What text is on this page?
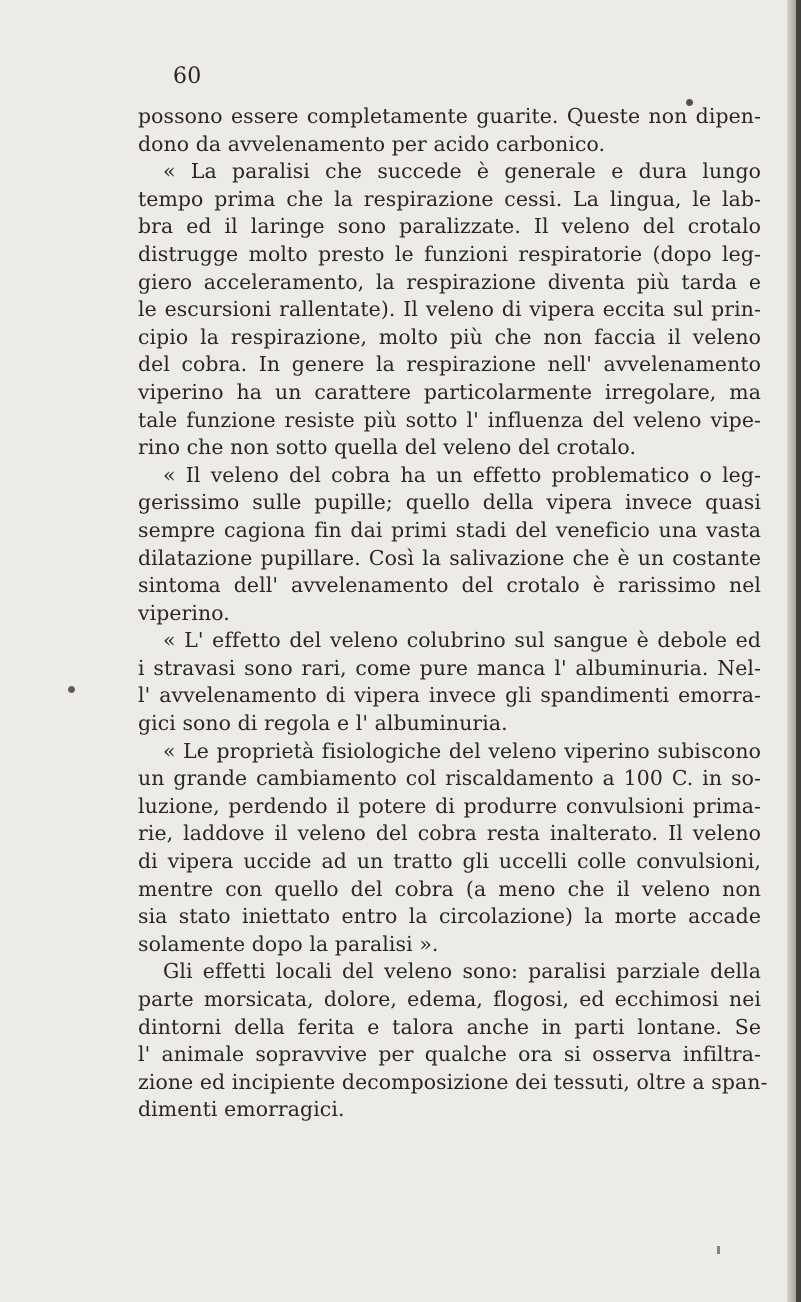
60
possono essere completamente guarite. Queste non dipen-
dono da avvelenamento per acido carbonico.
« La paralisi che succede è generale e dura lungo
tempo prima che la respirazione cessi. La lingua, le lab-
bra ed il laringe sono paralizzate. Il veleno del crotalo
distrugge molto presto le funzioni respiratorie (dopo leg-
giero acceleramento, la respirazione diventa più tarda e
le escursioni rallentate). Il veleno di vipera eccita sul prin-
cipio la respirazione, molto più che non faccia il veleno
del cobra. In genere la respirazione nell' avvelenamento
viperino ha un carattere particolarmente irregolare, ma
tale funzione resiste più sotto l' influenza del veleno vipe-
rino che non sotto quella del veleno del crotalo.
« Il veleno del cobra ha un effetto problematico o leg-
gerissimo sulle pupille; quello della vipera invece quasi
sempre cagiona fin dai primi stadi del veneficio una vasta
dilatazione pupillare. Così la salivazione che è un costante
sintoma dell' avvelenamento del crotalo è rarissimo nel
viperino.
« L' effetto del veleno colubrino sul sangue è debole ed
i stravasi sono rari, come pure manca l' albuminuria. Nel-
l' avvelenamento di vipera invece gli spandimenti emorra-
gici sono di regola e l' albuminuria.
« Le proprietà fisiologiche del veleno viperino subiscono
un grande cambiamento col riscaldamento a 100 C. in so-
luzione, perdendo il potere di produrre convulsioni prima-
rie, laddove il veleno del cobra resta inalterato. Il veleno
di vipera uccide ad un tratto gli uccelli colle convulsioni,
mentre con quello del cobra (a meno che il veleno non
sia stato iniettato entro la circolazione) la morte accade
solamente dopo la paralisi ».
Gli effetti locali del veleno sono: paralisi parziale della
parte morsicata, dolore, edema, flogosi, ed ecchimosi nei
dintorni della ferita e talora anche in parti lontane. Se
l' animale sopravvive per qualche ora si osserva infiltra-
zione ed incipiente decomposizione dei tessuti, oltre a span-
dimenti emorragici.
